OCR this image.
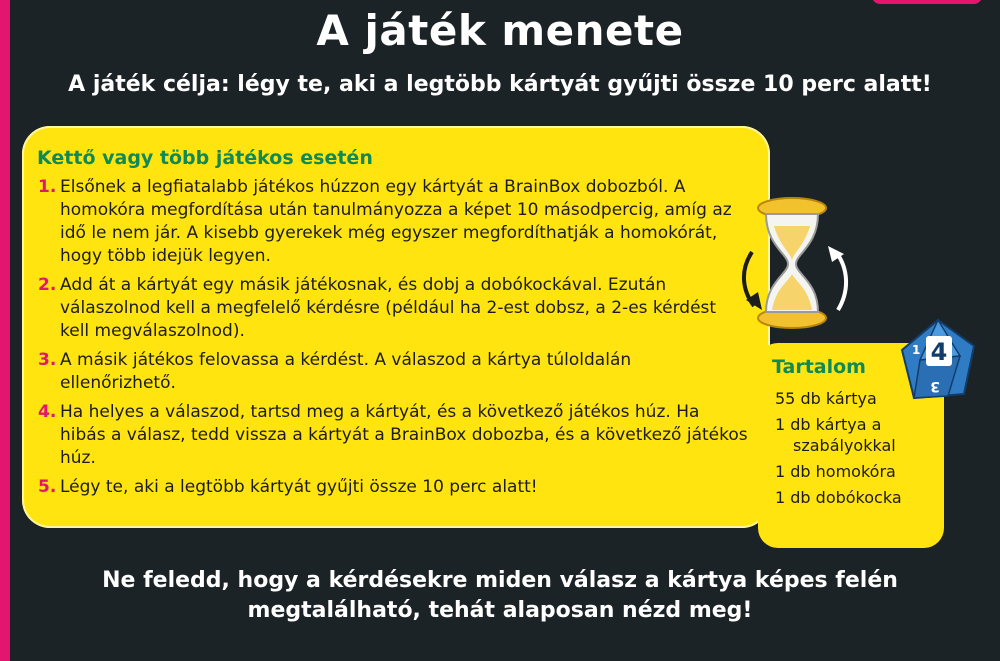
A játék menete
A játék célja: légy te, aki a legtöbb kártyát gyűjti össze 10 perc alatt!
Kettő vagy több játékos esetén
1. Elsőnek a legfiatalabb játékos húzzon egy kártyát a BrainBox dobozból. A homokóra megfordítása után tanulmányozza a képet 10 másodpercig, amíg az idő le nem jár. A kisebb gyerekek még egyszer megfordíthatják a homokórát, hogy több idejük legyen.
2. Add át a kártyát egy másik játékosnak, és dobj a dobókockával. Ezután válaszolnod kell a megfelelő kérdésre (például ha 2-est dobsz, a 2-es kérdést kell megválaszolnod).
3. A másik játékos felovassa a kérdést. A válaszod a kártya túloldalán ellenőrizhető.
4. Ha helyes a válaszod, tartsd meg a kártyát, és a következő játékos húz. Ha hibás a válasz, tedd vissza a kártyát a BrainBox dobozba, és a következő játékos húz.
5. Légy te, aki a legtöbb kártyát gyűjti össze 10 perc alatt!
Tartalom
55 db kártya
1 db kártya a
szabályokkal
1 db homokóra
1 db dobókocka
4
1
3
Ne feledd, hogy a kérdésekre miden válasz a kártya képes felén
megtalálható, tehát alaposan nézd meg!
